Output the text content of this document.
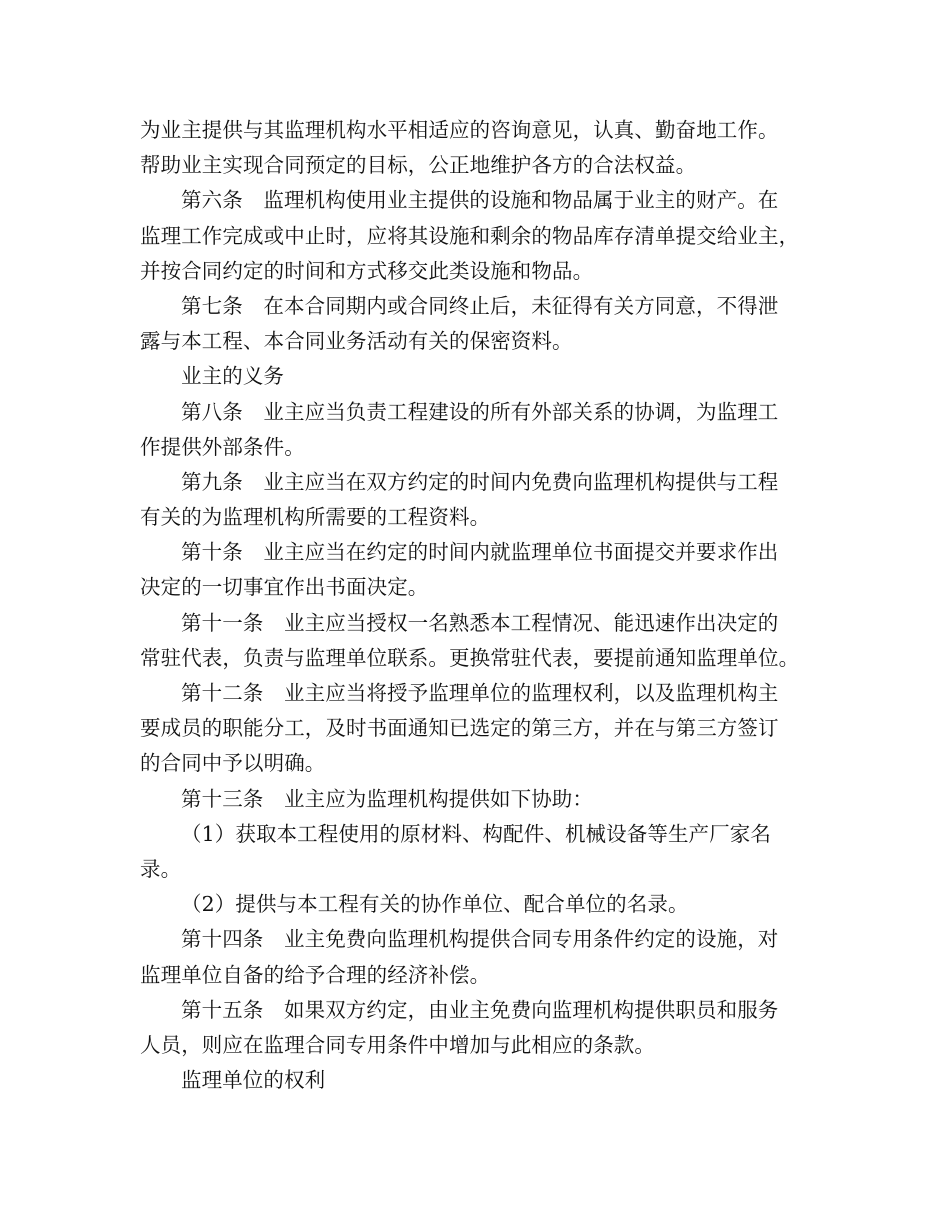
为业主提供与其监理机构水平相适应的咨询意见，认真、勤奋地工作。
帮助业主实现合同预定的目标，公正地维护各方的合法权益。
第六条　监理机构使用业主提供的设施和物品属于业主的财产。在
监理工作完成或中止时，应将其设施和剩余的物品库存清单提交给业主，
并按合同约定的时间和方式移交此类设施和物品。
第七条　在本合同期内或合同终止后，未征得有关方同意，不得泄
露与本工程、本合同业务活动有关的保密资料。
业主的义务
第八条　业主应当负责工程建设的所有外部关系的协调，为监理工
作提供外部条件。
第九条　业主应当在双方约定的时间内免费向监理机构提供与工程
有关的为监理机构所需要的工程资料。
第十条　业主应当在约定的时间内就监理单位书面提交并要求作出
决定的一切事宜作出书面决定。
第十一条　业主应当授权一名熟悉本工程情况、能迅速作出决定的
常驻代表，负责与监理单位联系。更换常驻代表，要提前通知监理单位。
第十二条　业主应当将授予监理单位的监理权利，以及监理机构主
要成员的职能分工，及时书面通知已选定的第三方，并在与第三方签订
的合同中予以明确。
第十三条　业主应为监理机构提供如下协助：
（1）获取本工程使用的原材料、构配件、机械设备等生产厂家名
录。
（2）提供与本工程有关的协作单位、配合单位的名录。
第十四条　业主免费向监理机构提供合同专用条件约定的设施，对
监理单位自备的给予合理的经济补偿。
第十五条　如果双方约定，由业主免费向监理机构提供职员和服务
人员，则应在监理合同专用条件中增加与此相应的条款。
监理单位的权利
